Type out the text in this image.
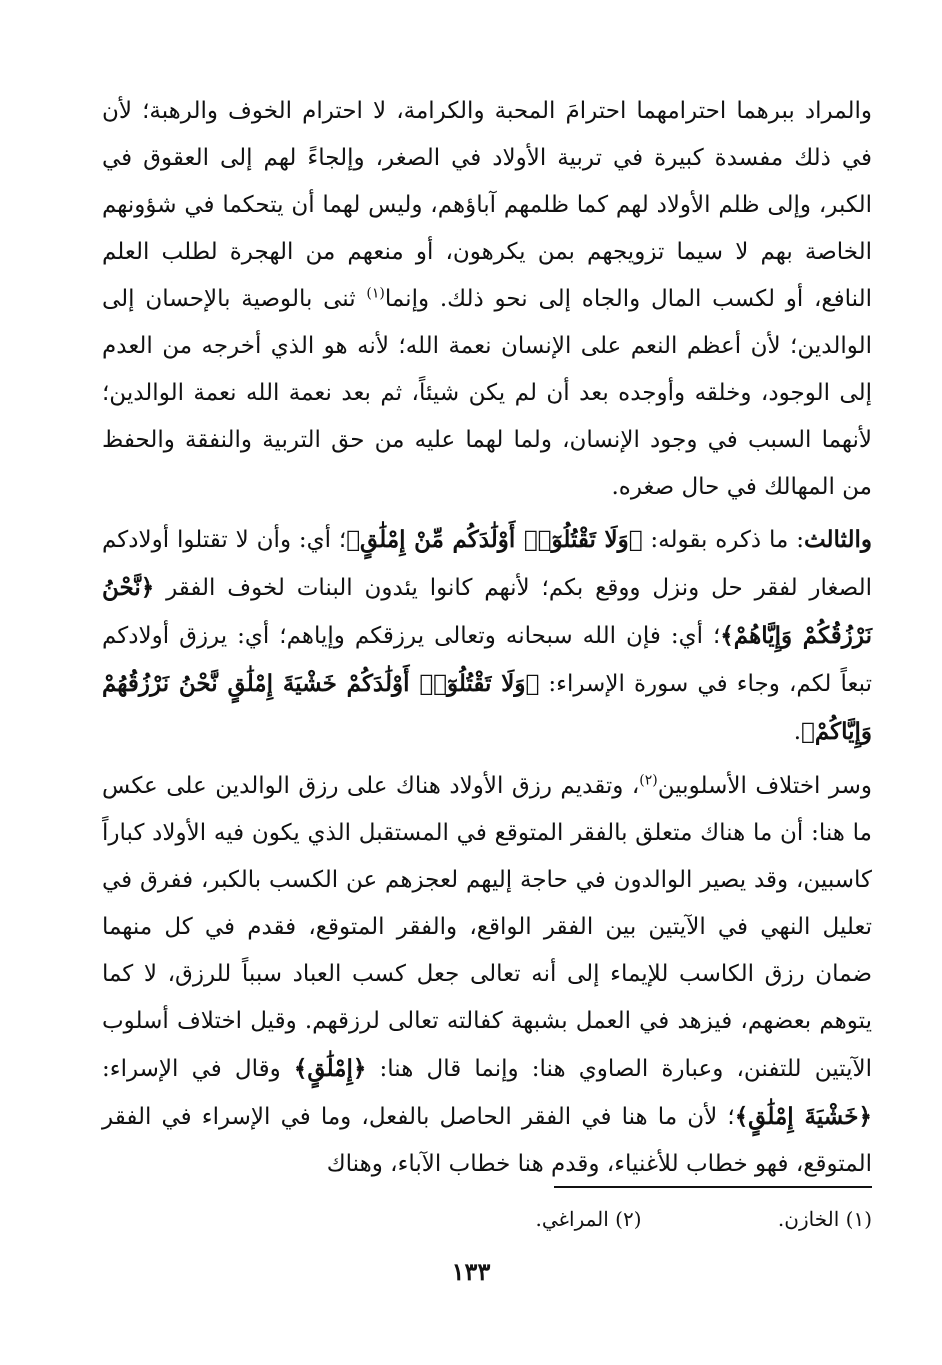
والمراد ببرهما احترامهما احترامَ المحبة والكرامة، لا احترام الخوف والرهبة؛ لأن في ذلك مفسدة كبيرة في تربية الأولاد في الصغر، وإلجاءً لهم إلى العقوق في الكبر، وإلى ظلم الأولاد لهم كما ظلمهم آباؤهم، وليس لهما أن يتحكما في شؤونهم الخاصة بهم لا سيما تزويجهم بمن يكرهون، أو منعهم من الهجرة لطلب العلم النافع، أو لكسب المال والجاه إلى نحو ذلك. وإنما$^{(١)}$ ثنى بالوصية بالإحسان إلى الوالدين؛ لأن أعظم النعم على الإنسان نعمة الله؛ لأنه هو الذي أخرجه من العدم إلى الوجود، وخلقه وأوجده بعد أن لم يكن شيئاً، ثم بعد نعمة الله نعمة الوالدين؛ لأنهما السبب في وجود الإنسان، ولما لهما عليه من حق التربية والنفقة والحفظ من المهالك في حال صغره.
والثالث: ما ذكره بقوله: ﴿وَلَا تَقْتُلُوٓا۟ أَوْلَٰدَكُم مِّنْ إِمْلَٰقٍ﴾؛ أي: وأن لا تقتلوا أولادكم الصغار لفقر حل ونزل ووقع بكم؛ لأنهم كانوا يئدون البنات لخوف الفقر ﴿نَّحْنُ نَرْزُقُكُمْ وَإِيَّاهُمْ﴾؛ أي: فإن الله سبحانه وتعالى يرزقكم وإياهم؛ أي: يرزق أولادكم تبعاً لكم، وجاء في سورة الإسراء: ﴿وَلَا تَقْتُلُوٓا۟ أَوْلَٰدَكُمْ خَشْيَةَ إِمْلَٰقٍ نَّحْنُ نَرْزُقُهُمْ وَإِيَّاكُمْ﴾.
وسر اختلاف الأسلوبين$^{(٢)}$، وتقديم رزق الأولاد هناك على رزق الوالدين على عكس ما هنا: أن ما هناك متعلق بالفقر المتوقع في المستقبل الذي يكون فيه الأولاد كباراً كاسبين، وقد يصير الوالدون في حاجة إليهم لعجزهم عن الكسب بالكبر، ففرق في تعليل النهي في الآيتين بين الفقر الواقع، والفقر المتوقع، فقدم في كل منهما ضمان رزق الكاسب للإيماء إلى أنه تعالى جعل كسب العباد سبباً للرزق، لا كما يتوهم بعضهم، فيزهد في العمل بشبهة كفالته تعالى لرزقهم. وقيل اختلاف أسلوب الآيتين للتفنن، وعبارة الصاوي هنا: وإنما قال هنا: ﴿إِمْلَٰقٍ﴾ وقال في الإسراء: ﴿خَشْيَةَ إِمْلَٰقٍ﴾؛ لأن ما هنا في الفقر الحاصل بالفعل، وما في الإسراء في الفقر المتوقع، فهو خطاب للأغنياء، وقدم هنا خطاب الآباء، وهناك
(١) الخازن. (٢) المراغي.
١٣٣
